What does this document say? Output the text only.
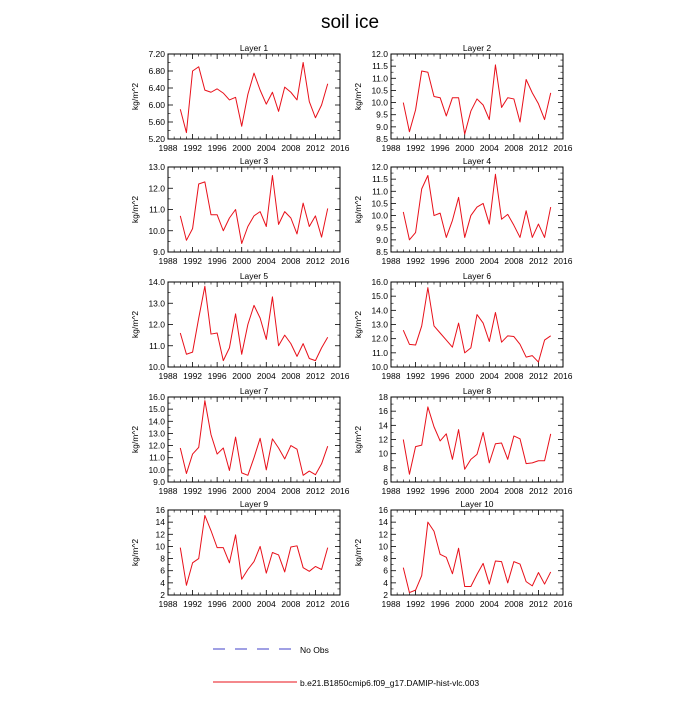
soil ice
Layer 1
1988 1992 1996 2000 2004 2008 2012 2016
5.20
5.60
6.00
6.40
6.80
7.20
kg/m^2
Layer 2
1988 1992 1996 2000 2004 2008 2012 2016
8.5
9.0
9.5
10.0
10.5
11.0
11.5
12.0
kg/m^2
Layer 3
1988 1992 1996 2000 2004 2008 2012 2016
9.0
10.0
11.0
12.0
13.0
kg/m^2
Layer 4
1988 1992 1996 2000 2004 2008 2012 2016
8.5
9.0
9.5
10.0
10.5
11.0
11.5
12.0
kg/m^2
Layer 5
1988 1992 1996 2000 2004 2008 2012 2016
10.0
11.0
12.0
13.0
14.0
kg/m^2
Layer 6
1988 1992 1996 2000 2004 2008 2012 2016
10.0
11.0
12.0
13.0
14.0
15.0
16.0
kg/m^2
Layer 7
1988 1992 1996 2000 2004 2008 2012 2016
9.0
10.0
11.0
12.0
13.0
14.0
15.0
16.0
kg/m^2
Layer 8
1988 1992 1996 2000 2004 2008 2012 2016
6
8
10
12
14
16
18
kg/m^2
Layer 9
1988 1992 1996 2000 2004 2008 2012 2016
2
4
6
8
10
12
14
16
kg/m^2
Layer 10
1988 1992 1996 2000 2004 2008 2012 2016
2
4
6
8
10
12
14
16
kg/m^2
No Obs
b.e21.B1850cmip6.f09_g17.DAMIP-hist-vlc.003
